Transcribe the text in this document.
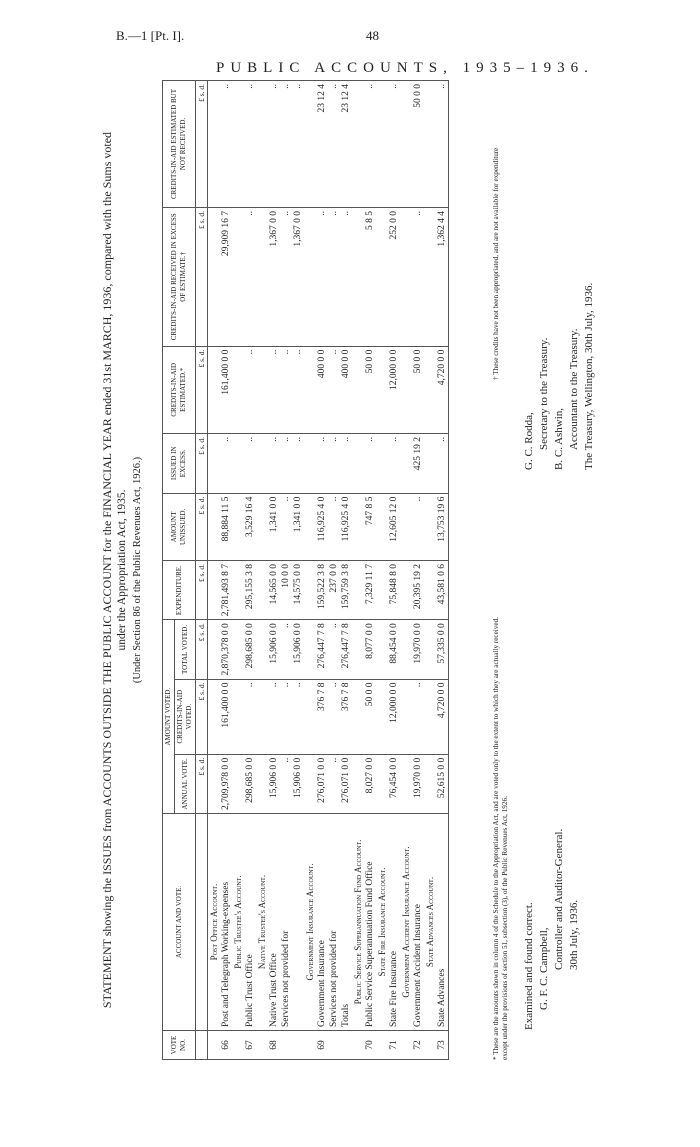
B.—1 [Pt. I].	48
PUBLIC ACCOUNTS, 1935–1936.
STATEMENT showing the ISSUES from ACCOUNTS OUTSIDE THE PUBLIC ACCOUNT for the FINANCIAL YEAR ended 31st MARCH, 1936, compared with the Sums voted under the Appropriation Act, 1935. (Under Section 86 of the Public Revenues Act, 1926.)
VOTE NO.	ACCOUNT AND VOTE.	AMOUNT VOTED.			EXPENDITURE.	AMOUNT UNISSUED.	ISSUED IN EXCESS.	CREDITS-IN-AID ESTIMATED.*	CREDITS-IN-AID RECEIVED IN EXCESS OF ESTIMATE.†	CREDITS-IN-AID ESTIMATED BUT NOT RECEIVED.
		ANNUAL VOTE.	CREDITS-IN-AID VOTED.	TOTAL VOTED.						
		£ s. d.	£ s. d.	£ s. d.	£ s. d.	£ s. d.	£ s. d.	£ s. d.	£ s. d.	£ s. d.
	Post Office Account.									
66	Post and Telegraph Working-expenses	2,709,978 0 0	161,400 0 0	2,870,378 0 0	2,781,493 8 7	88,884 11 5	..	161,400 0 0	29,909 16 7	..
	Public Trustee's Account.									
67	Public Trust Office	298,685 0 0	..	298,685 0 0	295,155 3 8	3,529 16 4	..	..	..	..
	Native Trustee's Account.									
68	Native Trust Office	15,906 0 0	..	15,906 0 0	14,565 0 0	1,341 0 0	..	..	1,367 0 0	..
	Services not provided for	..	..	..	10 0 0	..	..	..	..	..
		15,906 0 0	..	15,906 0 0	14,575 0 0	1,341 0 0	..	..	1,367 0 0	..
	Government Insurance Account.									
69	Government Insurance	276,071 0 0	376 7 8	276,447 7 8	159,522 3 8	116,925 4 0	..	400 0 0	..	23 12 4
	Services not provided for	..	..	..	237 0 0	..	..	..	..	..
	Totals	276,071 0 0	376 7 8	276,447 7 8	159,759 3 8	116,925 4 0	..	400 0 0	..	23 12 4
	Public Service Superannuation Fund Account.									
70	Public Service Superannuation Fund Office	8,027 0 0	50 0 0	8,077 0 0	7,329 11 7	747 8 5	..	50 0 0	5 8 5	..
	State Fire Insurance Account.									
71	State Fire Insurance	76,454 0 0	12,000 0 0	88,454 0 0	75,848 8 0	12,605 12 0	..	12,000 0 0	252 0 0	..
	Government Accident Insurance Account.									
72	Government Accident Insurance	19,970 0 0	..	19,970 0 0	20,395 19 2	..	425 19 2	50 0 0	..	50 0 0
	State Advances Account.									
73	State Advances	52,615 0 0	4,720 0 0	57,335 0 0	43,581 0 6	13,753 19 6	..	4,720 0 0	1,362 4 4	..
* These are the amounts shown in column 4 of the Schedule to the Appropriation Act, and are voted only to the extent to which they are actually received. except under the provisions of section 51, subsection (3), of the Public Revenues Act, 1926.
† These credits have not been appropriated, and are not available for expenditure
Examined and found correct. G. F. C. Campbell, Controller and Auditor-General. 30th July, 1936.
G. C. Rodda, Secretary to the Treasury. B. C. Ashwin, Accountant to the Treasury. The Treasury, Wellington, 30th July, 1936.
